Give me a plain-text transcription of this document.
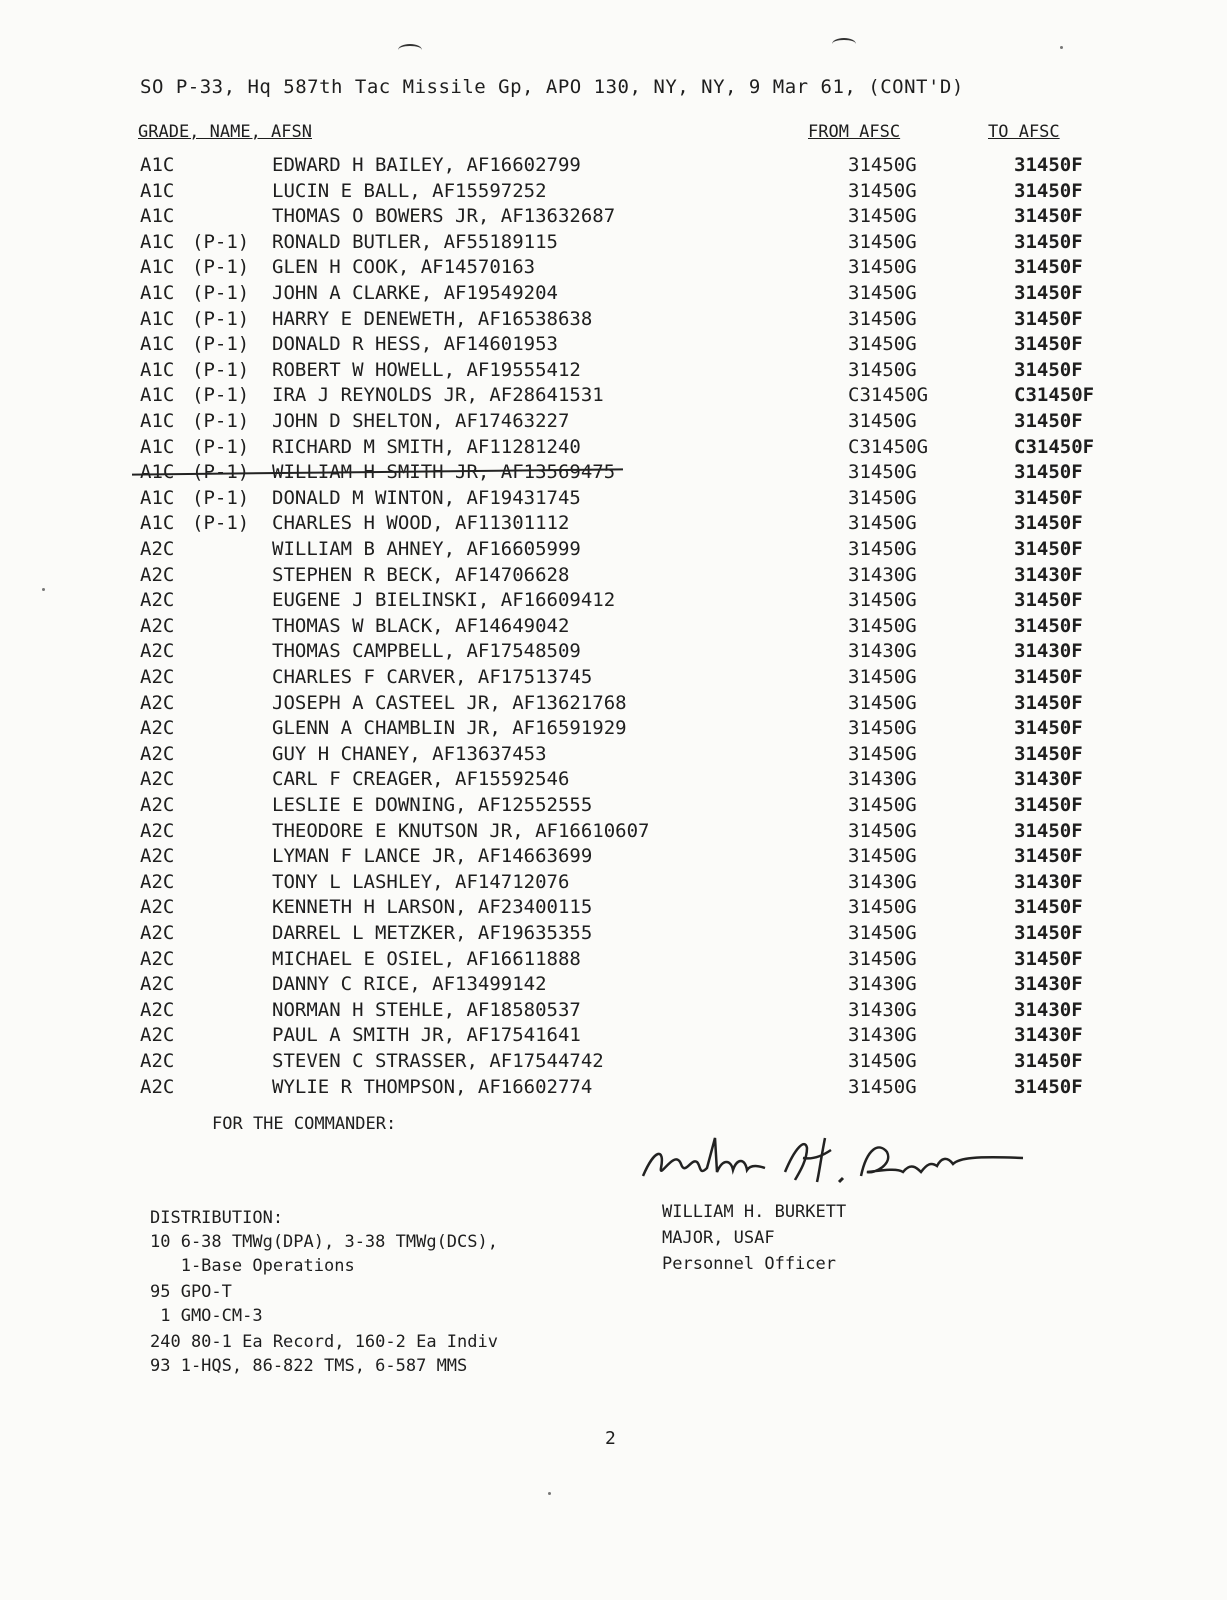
SO P-33, Hq 587th Tac Missile Gp, APO 130, NY, NY, 9 Mar 61, (CONT'D)
GRADE, NAME, AFSN	FROM AFSC	TO AFSC
A1C	EDWARD H BAILEY, AF16602799	31450G	31450F
A1C	LUCIN E BALL, AF15597252	31450G	31450F
A1C	THOMAS O BOWERS JR, AF13632687	31450G	31450F
A1C (P-1) RONALD BUTLER, AF55189115	31450G	31450F
A1C (P-1) GLEN H COOK, AF14570163	31450G	31450F
A1C (P-1) JOHN A CLARKE, AF19549204	31450G	31450F
A1C (P-1) HARRY E DENEWETH, AF16538638	31450G	31450F
A1C (P-1) DONALD R HESS, AF14601953	31450G	31450F
A1C (P-1) ROBERT W HOWELL, AF19555412	31450G	31450F
A1C (P-1) IRA J REYNOLDS JR, AF28641531	C31450G	C31450F
A1C (P-1) JOHN D SHELTON, AF17463227	31450G	31450F
A1C (P-1) RICHARD M SMITH, AF11281240	C31450G	C31450F
A1C (P-1) WILLIAM H SMITH JR, AF13569475	31450G	31450F
A1C (P-1) DONALD M WINTON, AF19431745	31450G	31450F
A1C (P-1) CHARLES H WOOD, AF11301112	31450G	31450F
A2C	WILLIAM B AHNEY, AF16605999	31450G	31450F
A2C	STEPHEN R BECK, AF14706628	31430G	31430F
A2C	EUGENE J BIELINSKI, AF16609412	31450G	31450F
A2C	THOMAS W BLACK, AF14649042	31450G	31450F
A2C	THOMAS CAMPBELL, AF17548509	31430G	31430F
A2C	CHARLES F CARVER, AF17513745	31450G	31450F
A2C	JOSEPH A CASTEEL JR, AF13621768	31450G	31450F
A2C	GLENN A CHAMBLIN JR, AF16591929	31450G	31450F
A2C	GUY H CHANEY, AF13637453	31450G	31450F
A2C	CARL F CREAGER, AF15592546	31430G	31430F
A2C	LESLIE E DOWNING, AF12552555	31450G	31450F
A2C	THEODORE E KNUTSON JR, AF16610607	31450G	31450F
A2C	LYMAN F LANCE JR, AF14663699	31450G	31450F
A2C	TONY L LASHLEY, AF14712076	31430G	31430F
A2C	KENNETH H LARSON, AF23400115	31450G	31450F
A2C	DARREL L METZKER, AF19635355	31450G	31450F
A2C	MICHAEL E OSIEL, AF16611888	31450G	31450F
A2C	DANNY C RICE, AF13499142	31430G	31430F
A2C	NORMAN H STEHLE, AF18580537	31430G	31430F
A2C	PAUL A SMITH JR, AF17541641	31430G	31430F
A2C	STEVEN C STRASSER, AF17544742	31450G	31450F
A2C	WYLIE R THOMPSON, AF16602774	31450G	31450F
FOR THE COMMANDER:
WILLIAM H. BURKETT
MAJOR, USAF
Personnel Officer
DISTRIBUTION:
10 6-38 TMWg(DPA), 3-38 TMWg(DCS),
1-Base Operations
95 GPO-T
1 GMO-CM-3
240 80-1 Ea Record, 160-2 Ea Indiv
93 1-HQS, 86-822 TMS, 6-587 MMS
2
